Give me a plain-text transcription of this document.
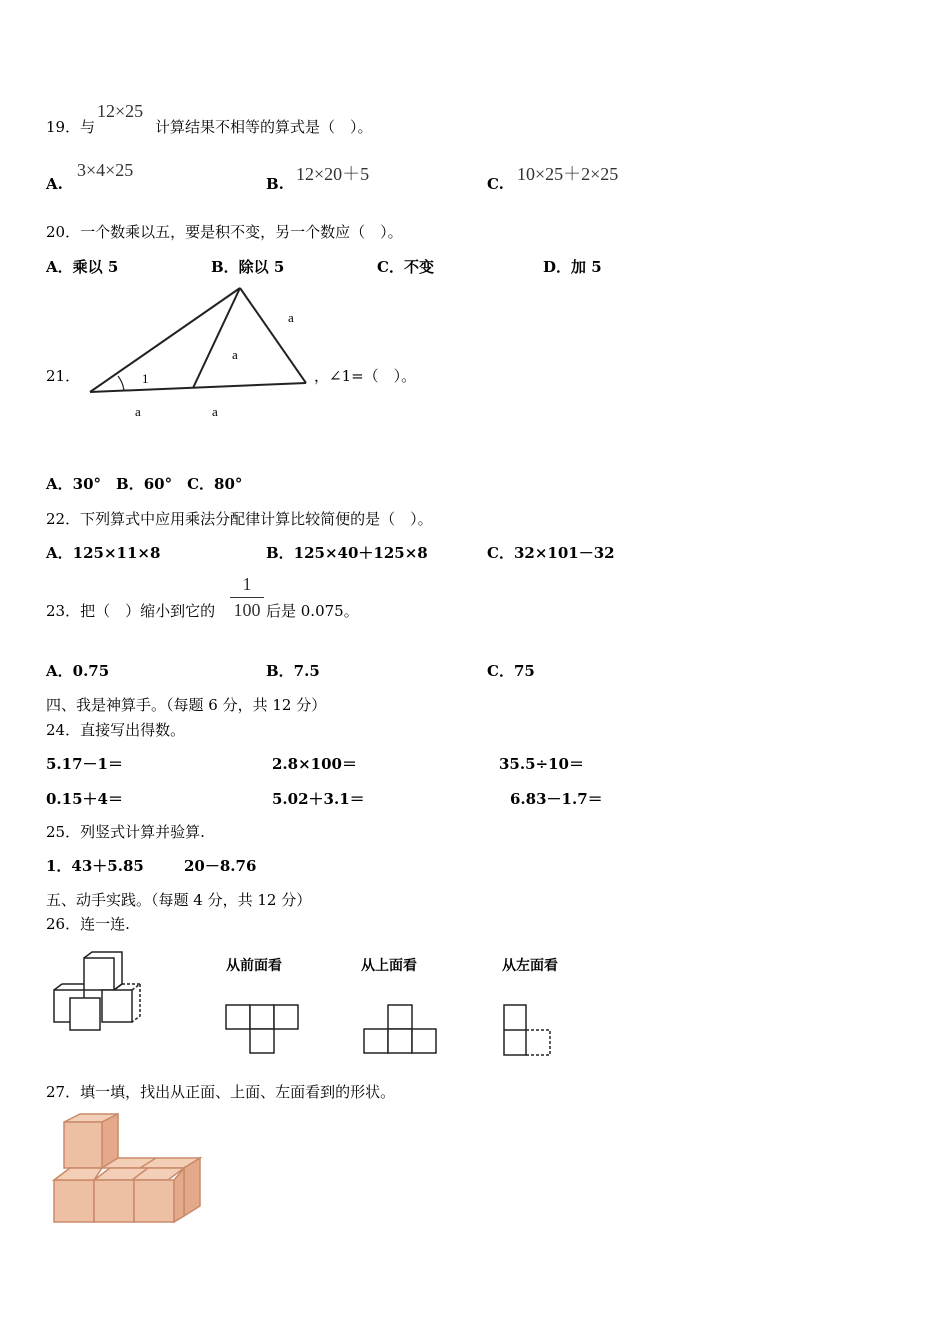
19． 与
12×25
计算结果不相等的算式是（　）。
A.
3×4×25
B. 12×20＋5	C. 10×25＋2×25
20．一个数乘以五，要是积不变，另一个数应（　）。
A．乘以 5	B．除以 5	C．不变	D．加 5
21．	1
a
a
a	a
，∠1=（　）。
A．30°　B．60°　C．80°
22．下列算式中应用乘法分配律计算比较简便的是（　）。
A．125×11×8	B．125×40＋125×8	C．32×101－32
23．把（　）缩小到它的
1
100 后是 0.075。
A．0.75	B．7.5	C．75
四、我是神算手。（每题 6 分，共 12 分）
24．直接写出得数。
5.17－1＝	2.8×100＝	35.5÷10＝
0.15＋4＝	5.02＋3.1＝	6.83－1.7＝
25．列竖式计算并验算.
1．43＋5.85	20－8.76
五、动手实践。（每题 4 分，共 12 分）
26．连一连.
从前面看	从上面看	从左面看
27．填一填，找出从正面、上面、左面看到的形状。
